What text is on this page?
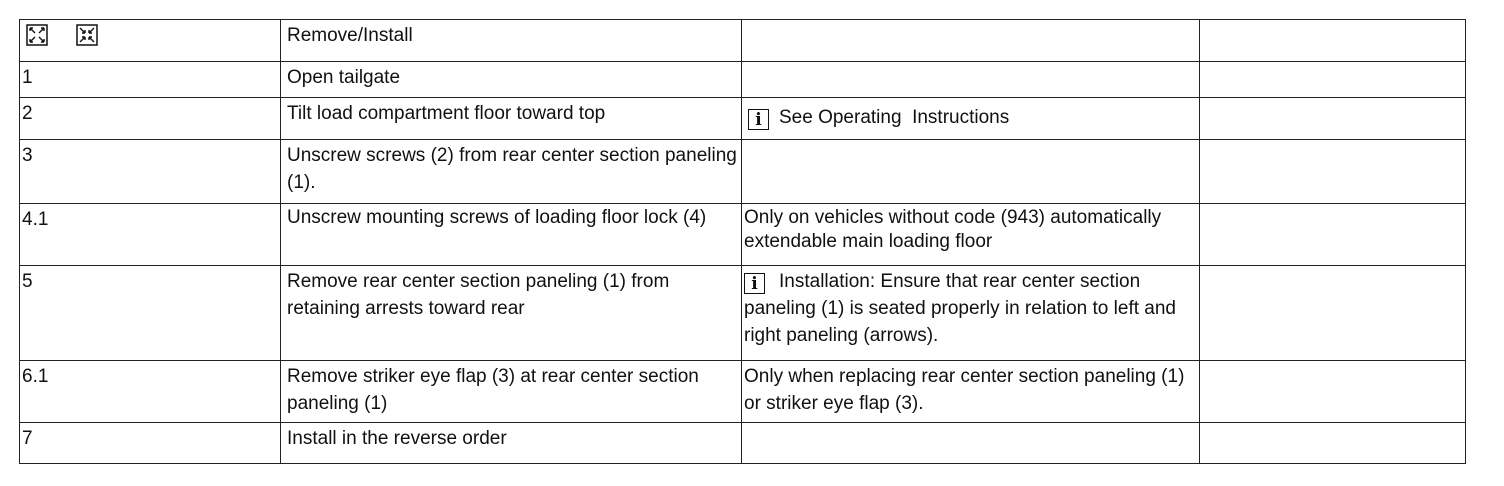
Remove/Install		

1	Open tailgate		

2	Tilt load compartment floor toward top	i See Operating  Instructions	

3	Unscrew screws (2) from rear center section paneling (1).		

4.1	Unscrew mounting screws of loading floor lock (4)	Only on vehicles without code (943) automatically extendable main loading floor	

5	Remove rear center section paneling (1) from retaining arrests toward rear	i Installation: Ensure that rear center section paneling (1) is seated properly in relation to left and right paneling (arrows).	

6.1	Remove striker eye flap (3) at rear center section paneling (1)	Only when replacing rear center section paneling (1) or striker eye flap (3).	

7	Install in the reverse order		
